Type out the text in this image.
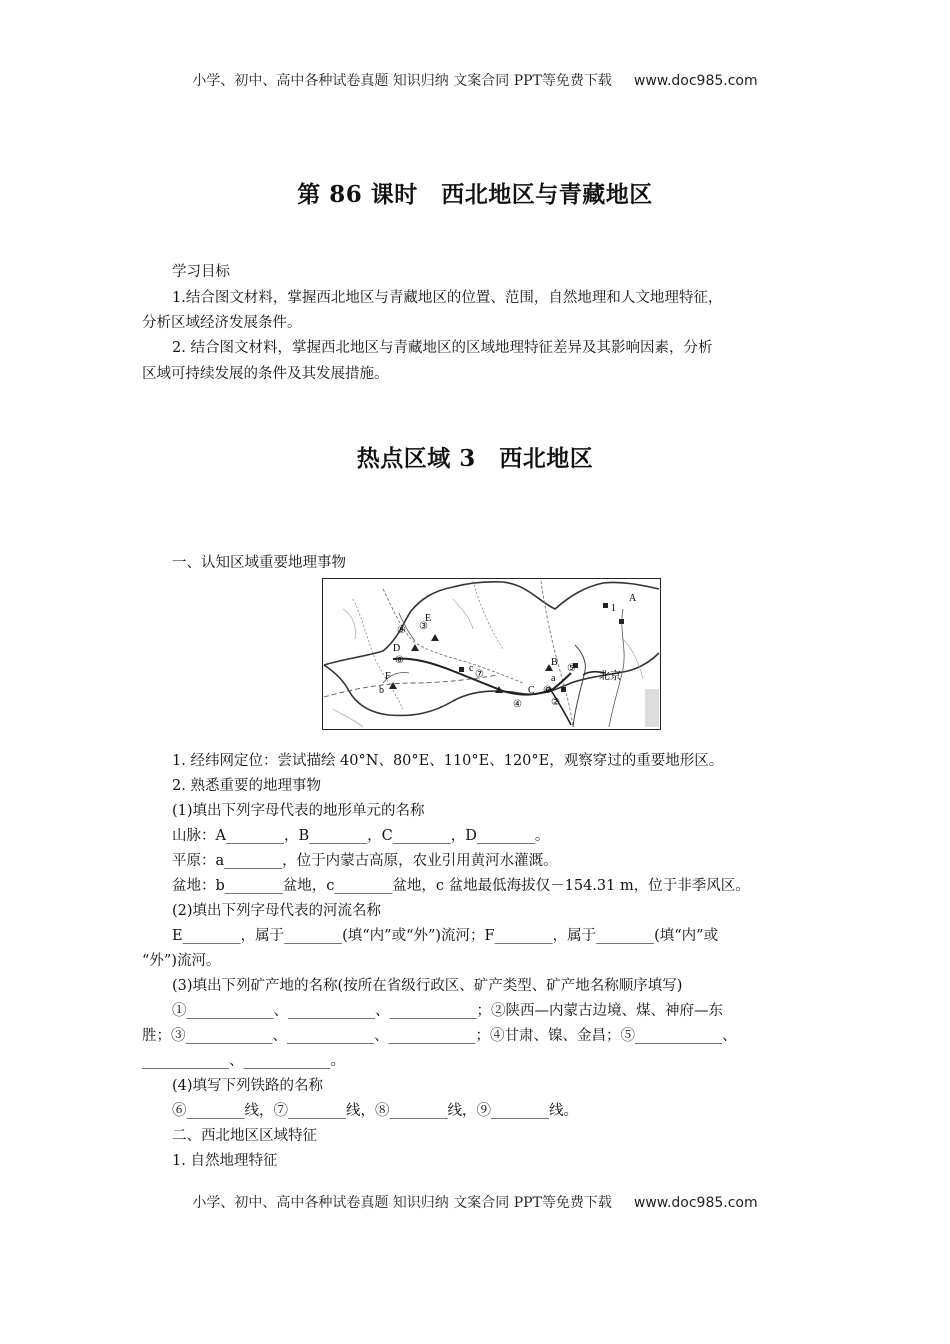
小学、初中、高中各种试卷真题 知识归纳 文案合同 PPT等免费下载 www.doc985.com
第 86 课时　西北地区与青藏地区
学习目标
1.结合图文材料，掌握西北地区与青藏地区的位置、范围，自然地理和人文地理特征，
分析区域经济发展条件。
2. 结合图文材料，掌握西北地区与青藏地区的区域地理特征差异及其影响因素，分析
区域可持续发展的条件及其发展措施。
热点区域 3　西北地区
一、认知区域重要地理事物
A
B
C
D
E
F	a
b
c
1
②
③
④
⑤
⑥
⑦
⑧
⑨
北京
1. 经纬网定位：尝试描绘 40°N、80°E、110°E、120°E，观察穿过的重要地形区。
2. 熟悉重要的地理事物
(1)填出下列字母代表的地形单元的名称
山脉：A________，B________，C________，D________。
平原：a________，位于内蒙古高原，农业引用黄河水灌溉。
盆地：b________盆地，c________盆地，c 盆地最低海拔仅－154.31 m，位于非季风区。
(2)填出下列字母代表的河流名称
E________，属于________(填“内”或“外”)流河；F________，属于________(填“内”或
“外”)流河。
(3)填出下列矿产地的名称(按所在省级行政区、矿产类型、矿产地名称顺序填写)
①____________、____________、____________；②陕西—内蒙古边境、煤、神府—东
胜；③____________、____________、____________；④甘肃、镍、金昌；⑤____________、
____________、____________。
(4)填写下列铁路的名称
⑥________线，⑦________线，⑧________线，⑨________线。
二、西北地区区域特征
1. 自然地理特征
小学、初中、高中各种试卷真题 知识归纳 文案合同 PPT等免费下载 www.doc985.com
